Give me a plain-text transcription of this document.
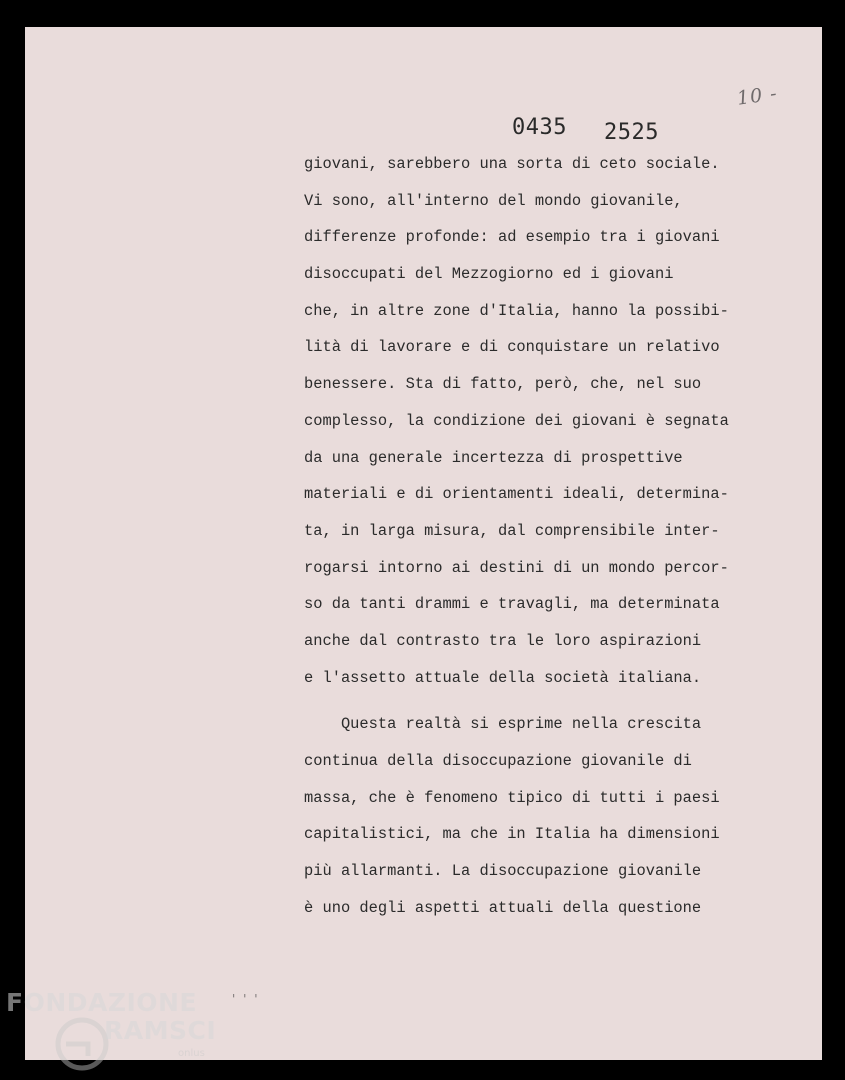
10 -
0435 2525
giovani, sarebbero una sorta di ceto sociale.
Vi sono, all'interno del mondo giovanile,
differenze profonde: ad esempio tra i giovani
disoccupati del Mezzogiorno ed i giovani
che, in altre zone d'Italia, hanno la possibi-
lità di lavorare e di conquistare un relativo
benessere. Sta di fatto, però, che, nel suo
complesso, la condizione dei giovani è segnata
da una generale incertezza di prospettive
materiali e di orientamenti ideali, determina-
ta, in larga misura, dal comprensibile inter-
rogarsi intorno ai destini di un mondo percor-
so da tanti drammi e travagli, ma determinata
anche dal contrasto tra le loro aspirazioni
e l'assetto attuale della società italiana.
Questa realtà si esprime nella crescita
continua della disoccupazione giovanile di
massa, che è fenomeno tipico di tutti i paesi
capitalistici, ma che in Italia ha dimensioni
più allarmanti. La disoccupazione giovanile
è uno degli aspetti attuali della questione
' ' '
FONDAZIONE
RAMSCI
onlus
